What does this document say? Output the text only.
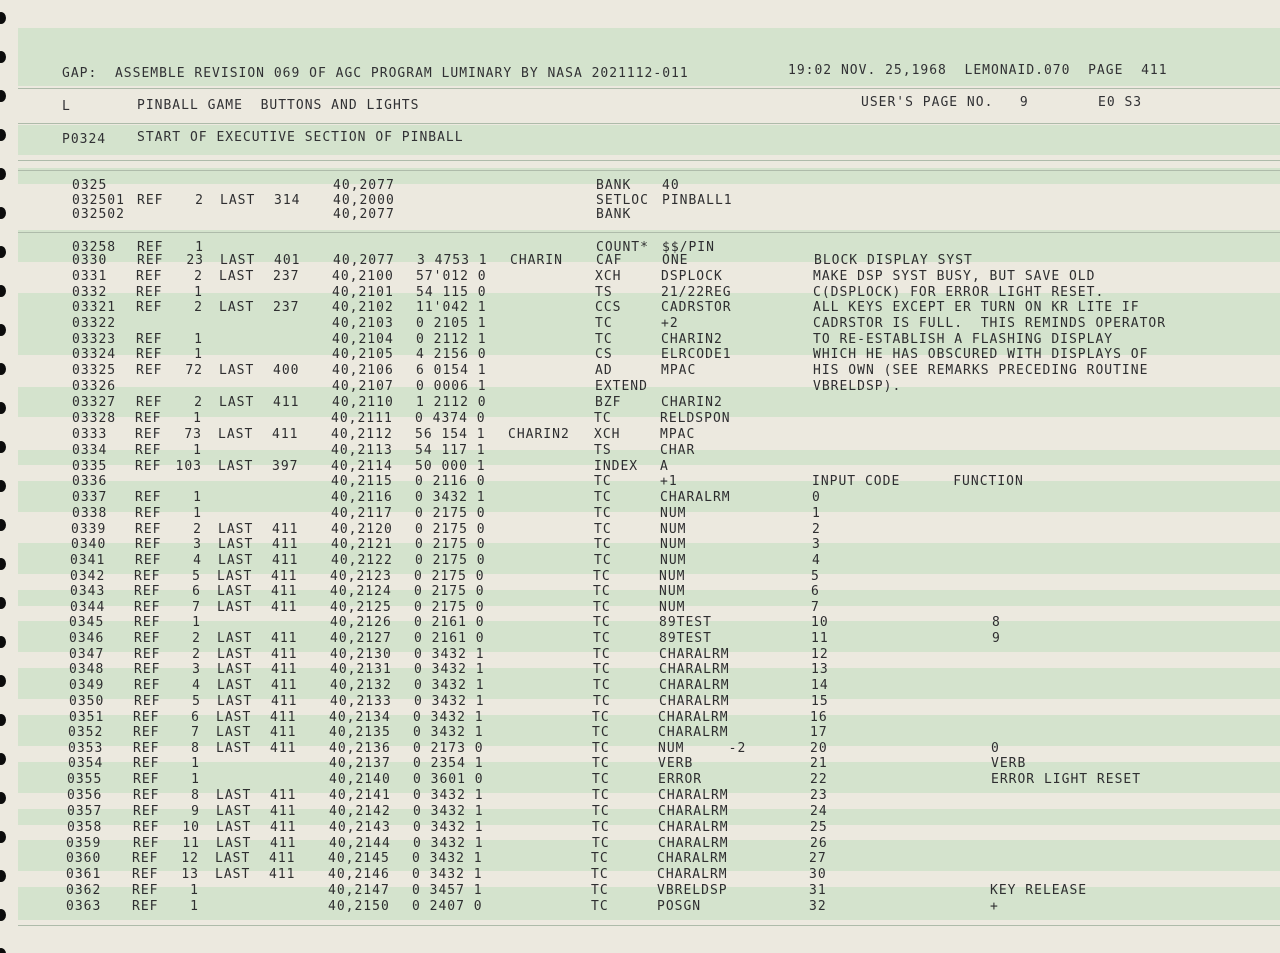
GAP:  ASSEMBLE REVISION 069 OF AGC PROGRAM LUMINARY BY NASA 2021112-011	19:02 NOV. 25,1968  LEMONAID.070  PAGE  411
L	PINBALL GAME  BUTTONS AND LIGHTS	USER'S PAGE NO.   9	E0 S3
P0324 START OF EXECUTIVE SECTION OF PINBALL
0325	40,2077	BANK 40
032501 REF 2 LAST 314	40,2000	SETLOC PINBALL1
032502	40,2077	BANK
03258 REF 1	COUNT* $$/PIN
0330 REF 23 LAST 401	40,2077 3 4753 1 CHARIN	CAF	ONE	BLOCK DISPLAY SYST
0331 REF 2 LAST 237	40,2100 57'012 0	XCH	DSPLOCK	MAKE DSP SYST BUSY, BUT SAVE OLD
0332 REF 1	40,2101 54 115 0	TS	21/22REG	C(DSPLOCK) FOR ERROR LIGHT RESET.
03321 REF 2 LAST 237	40,2102 11'042 1	CCS	CADRSTOR	ALL KEYS EXCEPT ER TURN ON KR LITE IF
03322	40,2103 0 2105 1	TC	+2	CADRSTOR IS FULL.  THIS REMINDS OPERATOR
03323 REF 1	40,2104 0 2112 1	TC	CHARIN2	TO RE-ESTABLISH A FLASHING DISPLAY
03324 REF 1	40,2105 4 2156 0	CS	ELRCODE1	WHICH HE HAS OBSCURED WITH DISPLAYS OF
03325 REF 72 LAST 400	40,2106 6 0154 1	AD	MPAC	HIS OWN (SEE REMARKS PRECEDING ROUTINE
03326	40,2107 0 0006 1	EXTEND	VBRELDSP).
03327 REF 2 LAST 411	40,2110 1 2112 0	BZF	CHARIN2
03328 REF 1	40,2111 0 4374 0	TC	RELDSPON
0333 REF 73 LAST 411	40,2112 56 154 1 CHARIN2 XCH	MPAC
0334 REF 1	40,2113 54 117 1	TS	CHAR
0335 REF 103 LAST 397	40,2114 50 000 1	INDEX A
0336	40,2115 0 2116 0	TC	+1	INPUT CODE      FUNCTION
0337 REF 1	40,2116 0 3432 1	TC	CHARALRM	0
0338 REF 1	40,2117 0 2175 0	TC	NUM	1
0339 REF 2 LAST 411	40,2120 0 2175 0	TC	NUM	2
0340 REF 3 LAST 411	40,2121 0 2175 0	TC	NUM	3
0341 REF 4 LAST 411	40,2122 0 2175 0	TC	NUM	4
0342 REF 5 LAST 411	40,2123 0 2175 0	TC	NUM	5
0343 REF 6 LAST 411	40,2124 0 2175 0	TC	NUM	6
0344 REF 7 LAST 411	40,2125 0 2175 0	TC	NUM	7
0345 REF 1	40,2126 0 2161 0	TC	89TEST	10	8
0346 REF 2 LAST 411	40,2127 0 2161 0	TC	89TEST	11	9
0347 REF 2 LAST 411	40,2130 0 3432 1	TC	CHARALRM	12
0348 REF 3 LAST 411	40,2131 0 3432 1	TC	CHARALRM	13
0349 REF 4 LAST 411	40,2132 0 3432 1	TC	CHARALRM	14
0350 REF 5 LAST 411	40,2133 0 3432 1	TC	CHARALRM	15
0351 REF 6 LAST 411	40,2134 0 3432 1	TC	CHARALRM	16
0352 REF 7 LAST 411	40,2135 0 3432 1	TC	CHARALRM	17
0353 REF 8 LAST 411	40,2136 0 2173 0	TC	NUM     -2	20	0
0354 REF 1	40,2137 0 2354 1	TC	VERB	21	VERB
0355 REF 1	40,2140 0 3601 0	TC	ERROR	22	ERROR LIGHT RESET
0356 REF 8 LAST 411	40,2141 0 3432 1	TC	CHARALRM	23
0357 REF 9 LAST 411	40,2142 0 3432 1	TC	CHARALRM	24
0358 REF 10 LAST 411	40,2143 0 3432 1	TC	CHARALRM	25
0359 REF 11 LAST 411	40,2144 0 3432 1	TC	CHARALRM	26
0360 REF 12 LAST 411	40,2145 0 3432 1	TC	CHARALRM	27
0361 REF 13 LAST 411	40,2146 0 3432 1	TC	CHARALRM	30
0362 REF 1	40,2147 0 3457 1	TC	VBRELDSP	31	KEY RELEASE
0363 REF 1	40,2150 0 2407 0	TC	POSGN	32	+
